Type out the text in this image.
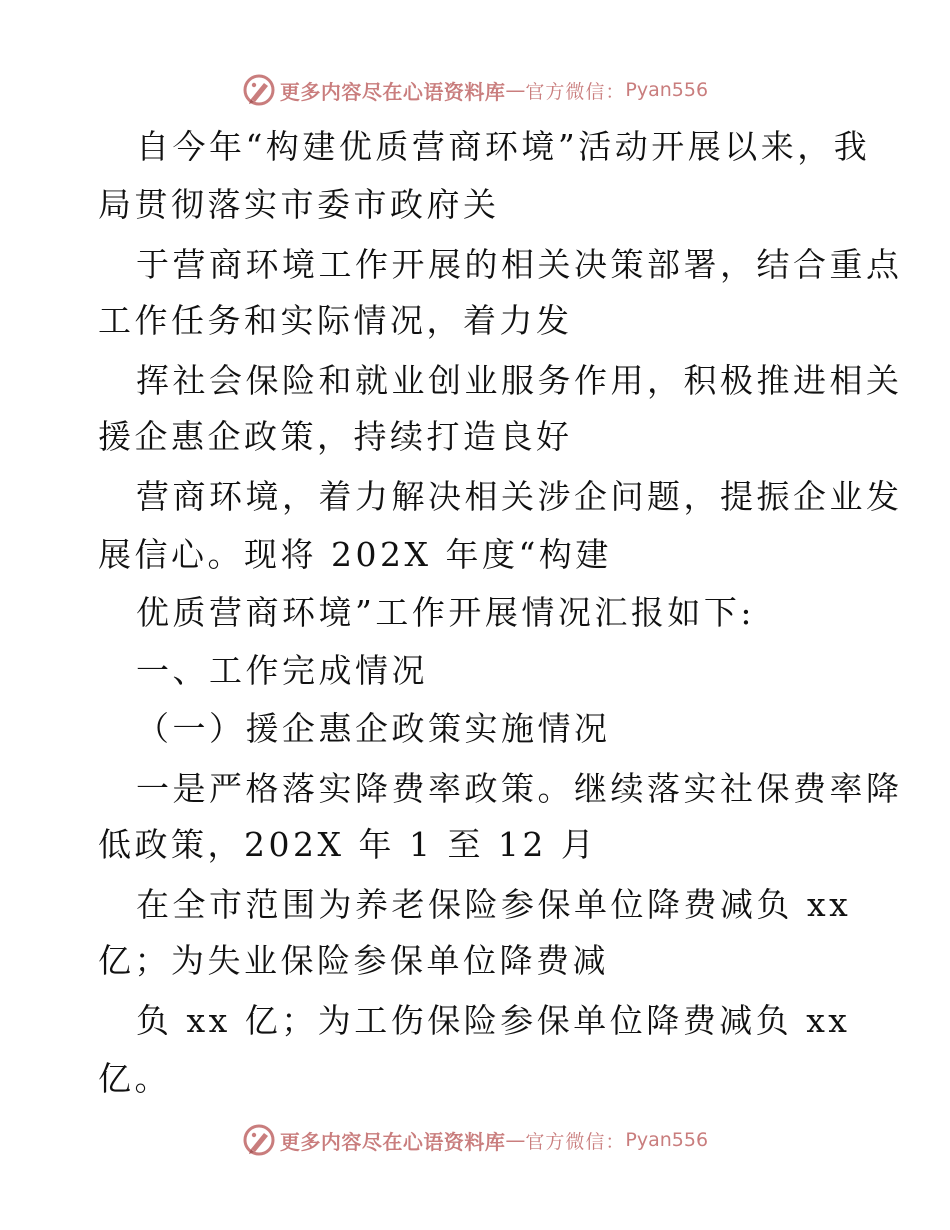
更多内容尽在心语资料库 — 官方微信： Pyan556
自今年“构建优质营商环境”活动开展以来，我
局贯彻落实市委市政府关
于营商环境工作开展的相关决策部署，结合重点
工作任务和实际情况，着力发
挥社会保险和就业创业服务作用，积极推进相关
援企惠企政策，持续打造良好
营商环境，着力解决相关涉企问题，提振企业发
展信心。现将 202X 年度“构建
优质营商环境”工作开展情况汇报如下:
一、工作完成情况
（一）援企惠企政策实施情况
一是严格落实降费率政策。继续落实社保费率降
低政策，202X 年 1 至 12 月
在全市范围为养老保险参保单位降费减负 xx
亿；为失业保险参保单位降费减
负 xx 亿；为工伤保险参保单位降费减负 xx
亿。
更多内容尽在心语资料库 — 官方微信： Pyan556
